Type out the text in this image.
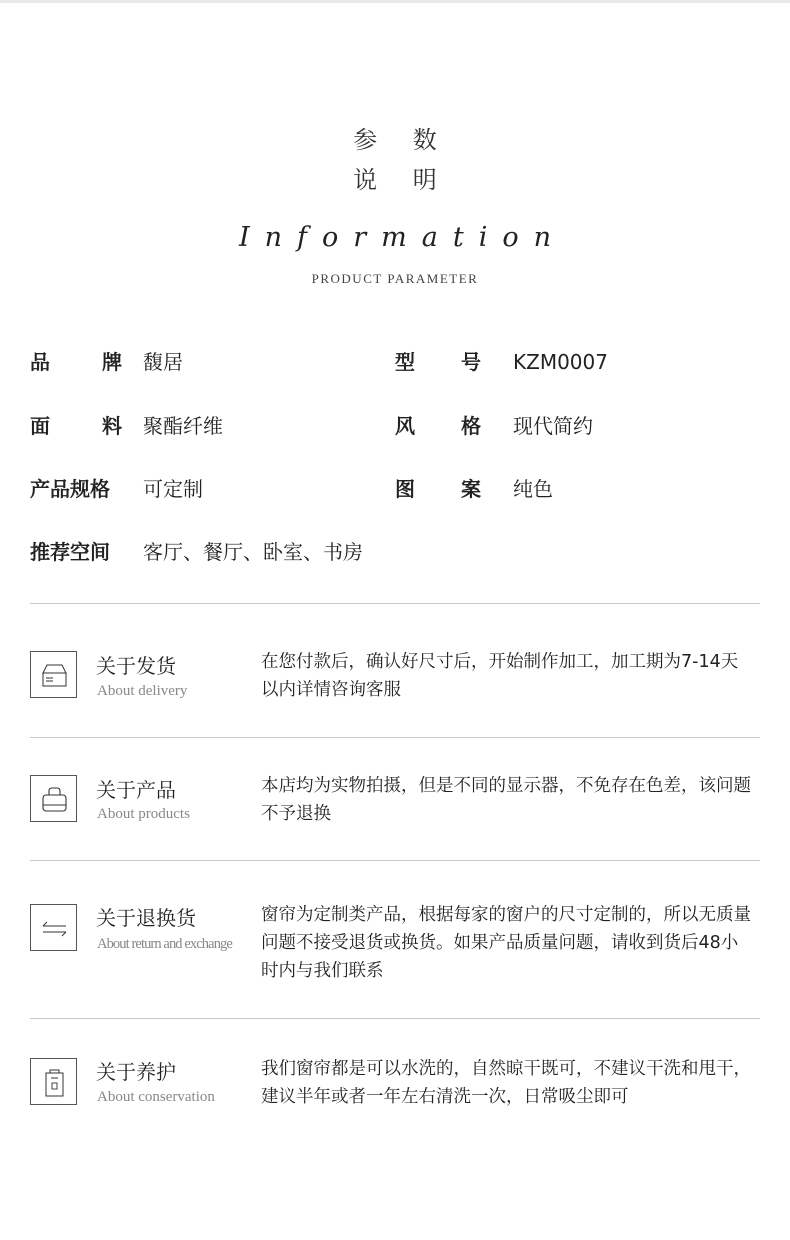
参 数
说 明
Information
PRODUCT PARAMETER
品	牌 馥居	型 号 KZM0007
面	料 聚酯纤维	风 格 现代简约
产品规格 可定制	图 案 纯色
推荐空间 客厅、餐厅、卧室、书房
关于发货
About delivery
在您付款后，确认好尺寸后，开始制作加工，加工期为7-14天以内详情咨询客服
关于产品
About products
本店均为实物拍摄，但是不同的显示器，不免存在色差，该问题不予退换
关于退换货
About return and exchange
窗帘为定制类产品，根据每家的窗户的尺寸定制的，所以无质量问题不接受退货或换货。如果产品质量问题，请收到货后48小时内与我们联系
关于养护
About conservation
我们窗帘都是可以水洗的，自然晾干既可，不建议干洗和甩干，建议半年或者一年左右清洗一次，日常吸尘即可
